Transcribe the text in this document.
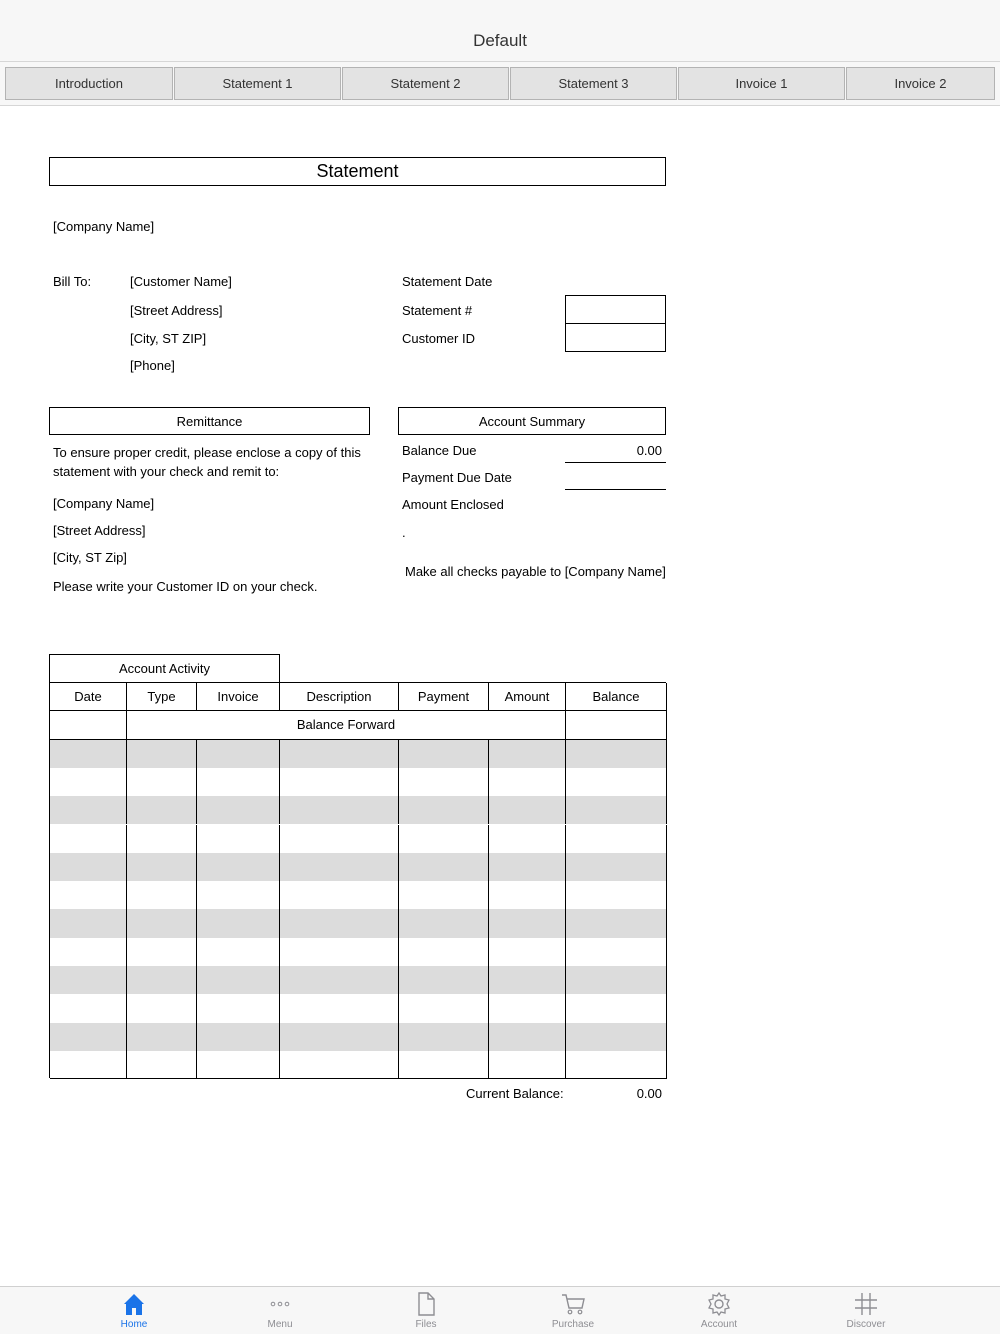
Default
Introduction	Statement 1	Statement 2	Statement 3	Invoice 1	Invoice 2
Statement
[Company Name]
Bill To:	[Customer Name]
[Street Address]
[City, ST ZIP]
[Phone]
Statement Date
Statement #
Customer ID
Remittance
To ensure proper credit, please enclose a copy of this
statement with your check and remit to:
[Company Name]
[Street Address]
[City, ST Zip]
Please write your Customer ID on your check.
Account Summary
Balance Due	0.00
Payment Due Date
Amount Enclosed
.
Make all checks payable to [Company Name]
Account Activity
Date	Type	Invoice	Description	Payment	Amount	Balance
Balance Forward
Current Balance:	0.00
Home	Menu	Files	Purchase	Account	Discover
